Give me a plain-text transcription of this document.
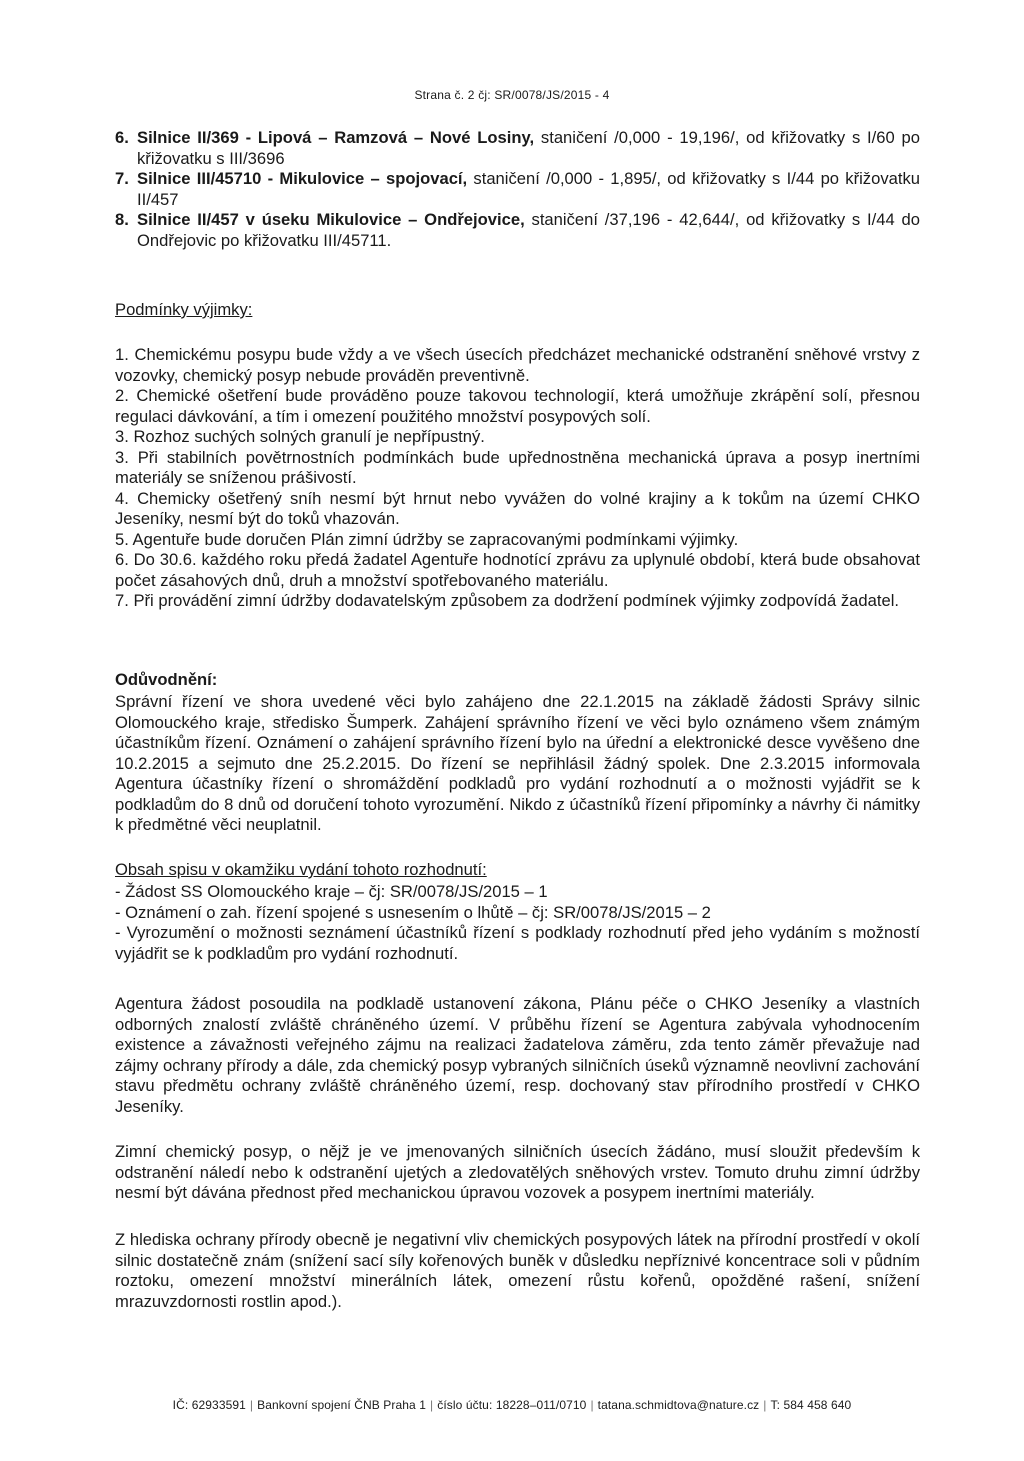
Strana č. 2 čj: SR/0078/JS/2015 - 4
6. Silnice II/369 - Lipová – Ramzová – Nové Losiny, staničení /0,000 - 19,196/, od křižovatky s I/60 po křižovatku s III/3696
7. Silnice III/45710 - Mikulovice – spojovací, staničení /0,000 - 1,895/, od křižovatky s I/44 po křižovatku II/457
8. Silnice II/457 v úseku Mikulovice – Ondřejovice, staničení /37,196 - 42,644/, od křižovatky s I/44 do Ondřejovic po křižovatku III/45711.
Podmínky výjimky:

1. Chemickému posypu bude vždy a ve všech úsecích předcházet mechanické odstranění sněhové vrstvy z vozovky, chemický posyp nebude prováděn preventivně.

2. Chemické ošetření bude prováděno pouze takovou technologií, která umožňuje zkrápění solí, přesnou regulaci dávkování, a tím i omezení použitého množství posypových solí.

3. Rozhoz suchých solných granulí je nepřípustný.

3. Při stabilních povětrnostních podmínkách bude upřednostněna mechanická úprava a posyp inertními materiály se sníženou prášivostí.

4. Chemicky ošetřený sníh nesmí být hrnut nebo vyvážen do volné krajiny a k tokům na území CHKO Jeseníky, nesmí být do toků vhazován.

5. Agentuře bude doručen Plán zimní údržby se zapracovanými podmínkami výjimky.

6. Do 30.6. každého roku předá žadatel Agentuře hodnotící zprávu za uplynulé období, která bude obsahovat počet zásahových dnů, druh a množství spotřebovaného materiálu.

7. Při provádění zimní údržby dodavatelským způsobem za dodržení podmínek výjimky zodpovídá žadatel.

Odůvodnění:
Správní řízení ve shora uvedené věci bylo zahájeno dne 22.1.2015 na základě žádosti Správy silnic Olomouckého kraje, středisko Šumperk. Zahájení správního řízení ve věci bylo oznámeno všem známým účastníkům řízení. Oznámení o zahájení správního řízení bylo na úřední a elektronické desce vyvěšeno dne 10.2.2015 a sejmuto dne 25.2.2015. Do řízení se nepřihlásil žádný spolek. Dne 2.3.2015 informovala Agentura účastníky řízení o shromáždění podkladů pro vydání rozhodnutí a o možnosti vyjádřit se k podkladům do 8 dnů od doručení tohoto vyrozumění. Nikdo z účastníků řízení připomínky a návrhy či námitky k předmětné věci neuplatnil.
Obsah spisu v okamžiku vydání tohoto rozhodnutí:

- Žádost SS Olomouckého kraje – čj: SR/0078/JS/2015 – 1

- Oznámení o zah. řízení spojené s usnesením o lhůtě – čj: SR/0078/JS/2015 – 2

- Vyrozumění o možnosti seznámení účastníků řízení s podklady rozhodnutí před jeho vydáním s možností vyjádřit se k podkladům pro vydání rozhodnutí.

Agentura žádost posoudila na podkladě ustanovení zákona, Plánu péče o CHKO Jeseníky a vlastních odborných znalostí zvláště chráněného území. V průběhu řízení se Agentura zabývala vyhodnocením existence a závažnosti veřejného zájmu na realizaci žadatelova záměru, zda tento záměr převažuje nad zájmy ochrany přírody a dále, zda chemický posyp vybraných silničních úseků významně neovlivní zachování stavu předmětu ochrany zvláště chráněného území, resp. dochovaný stav přírodního prostředí v CHKO Jeseníky.
Zimní chemický posyp, o nějž je ve jmenovaných silničních úsecích žádáno, musí sloužit především k odstranění náledí nebo k odstranění ujetých a zledovatělých sněhových vrstev. Tomuto druhu zimní údržby nesmí být dávána přednost před mechanickou úpravou vozovek a posypem inertními materiály.
Z hlediska ochrany přírody obecně je negativní vliv chemických posypových látek na přírodní prostředí v okolí silnic dostatečně znám (snížení sací síly kořenových buněk v důsledku nepříznivé koncentrace soli v půdním roztoku, omezení množství minerálních látek, omezení růstu kořenů, opožděné rašení, snížení mrazuvzdornosti rostlin apod.).
IČ: 62933591 | Bankovní spojení ČNB Praha 1 | číslo účtu: 18228–011/0710 | tatana.schmidtova@nature.cz | T: 584 458 640
